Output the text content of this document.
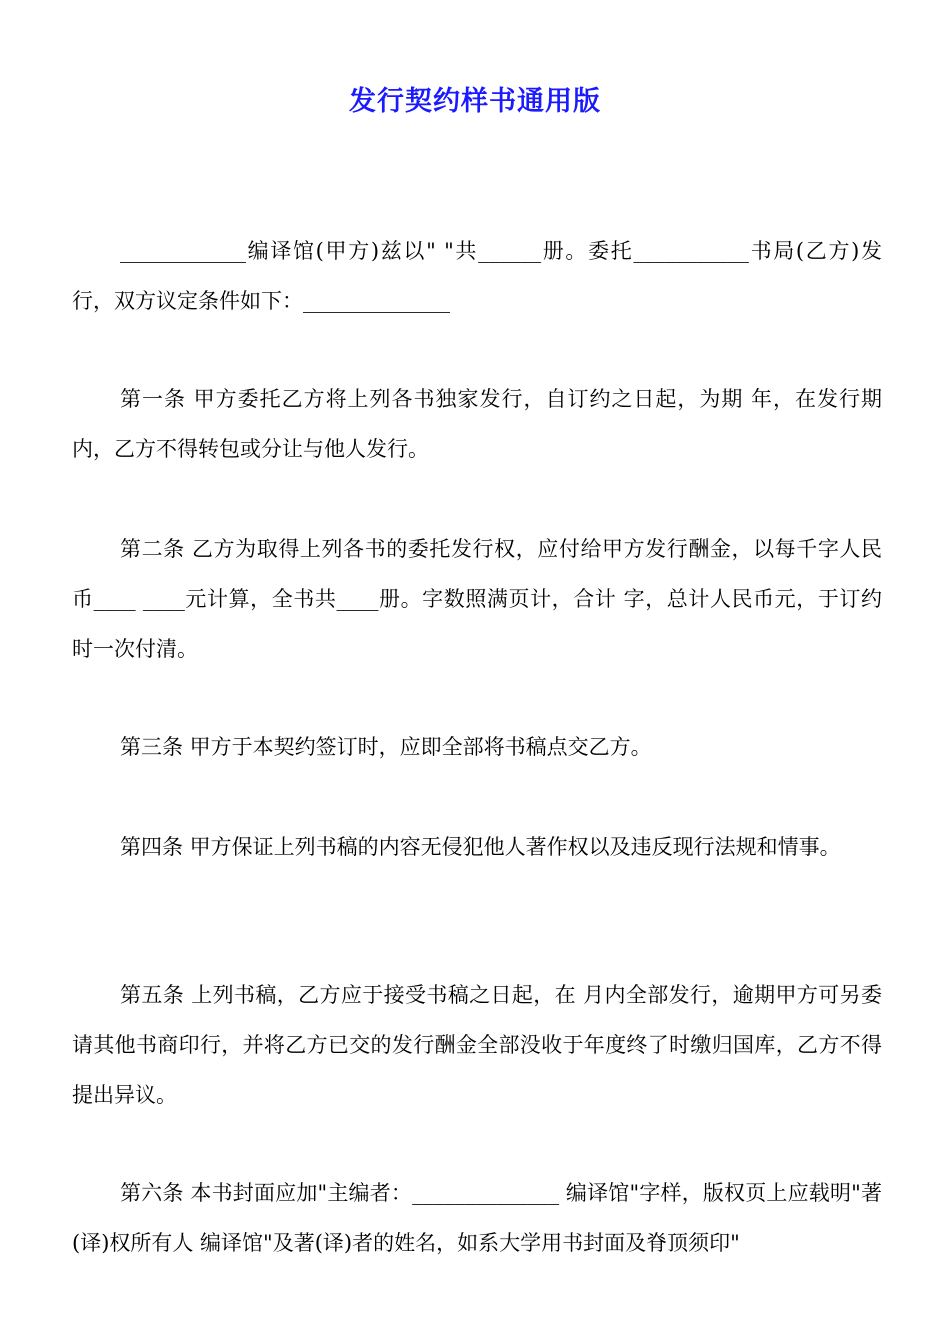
发行契约样书通用版
____________编译馆(甲方)兹以" "共______册。委托___________书局(乙方)发行，双方议定条件如下：______________
第一条 甲方委托乙方将上列各书独家发行，自订约之日起，为期 年，在发行期内，乙方不得转包或分让与他人发行。
第二条 乙方为取得上列各书的委托发行权，应付给甲方发行酬金，以每千字人民币____ ____元计算，全书共____册。字数照满页计，合计 字，总计人民币元，于订约时一次付清。
第三条 甲方于本契约签订时，应即全部将书稿点交乙方。
第四条 甲方保证上列书稿的内容无侵犯他人著作权以及违反现行法规和情事。
第五条 上列书稿，乙方应于接受书稿之日起，在 月内全部发行，逾期甲方可另委请其他书商印行，并将乙方已交的发行酬金全部没收于年度终了时缴归国库，乙方不得提出异议。
第六条 本书封面应加"主编者：______________ 编译馆"字样，版权页上应载明"著(译)权所有人 编译馆"及著(译)者的姓名，如系大学用书封面及脊顶须印"
